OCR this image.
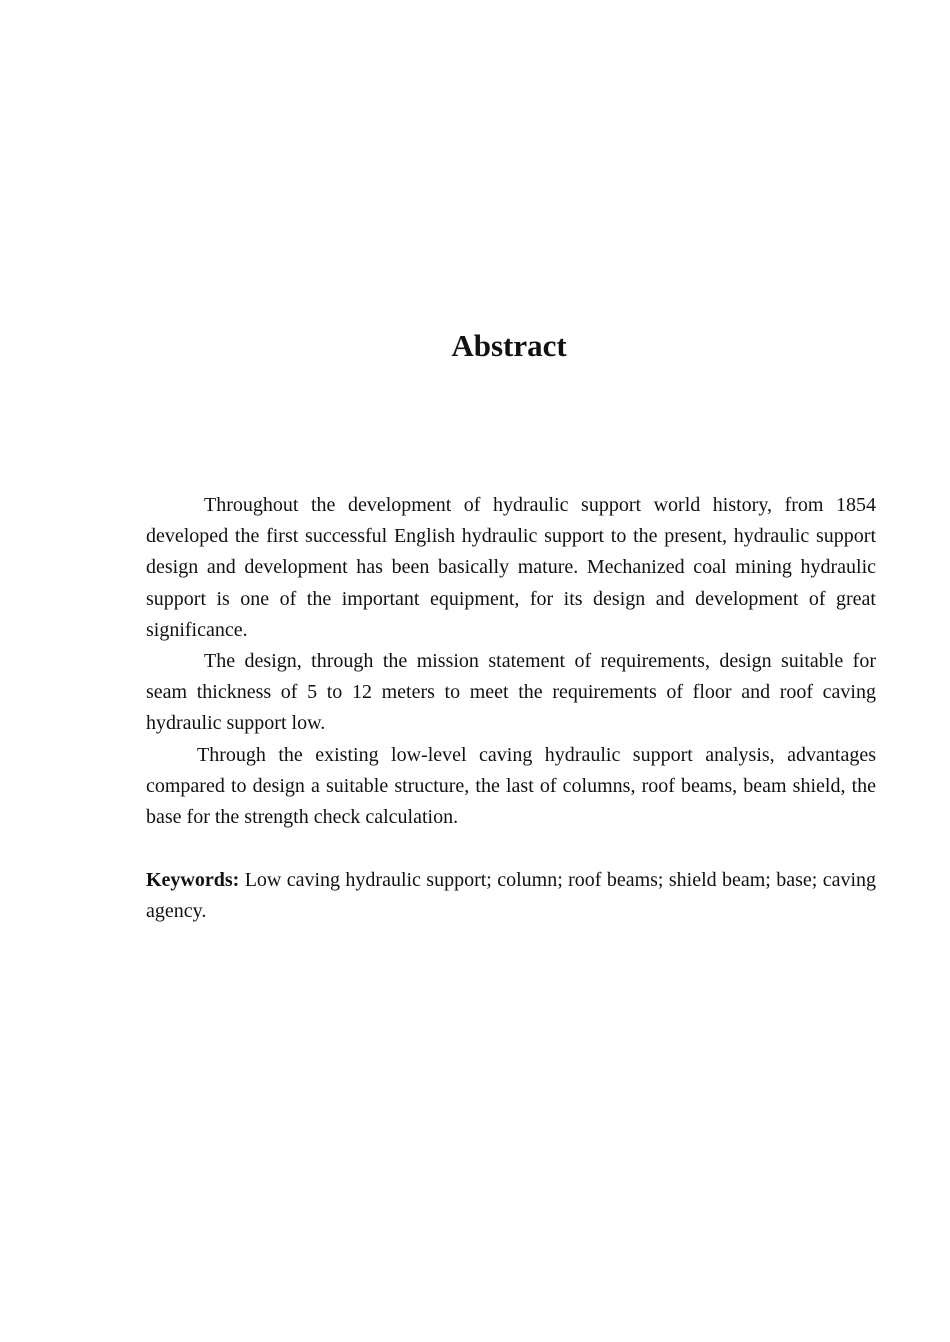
Abstract

Throughout the development of hydraulic support world history, from 1854 developed the first successful English hydraulic support to the present, hydraulic support design and development has been basically mature. Mechanized coal mining hydraulic support is one of the important equipment, for its design and development of great significance.

The design, through the mission statement of requirements, design suitable for seam thickness of 5 to 12 meters to meet the requirements of floor and roof caving hydraulic support low.

Through the existing low-level caving hydraulic support analysis, advantages compared to design a suitable structure, the last of columns, roof beams, beam shield, the base for the strength check calculation.

Keywords: Low caving hydraulic support; column; roof beams; shield beam; base; caving agency.
